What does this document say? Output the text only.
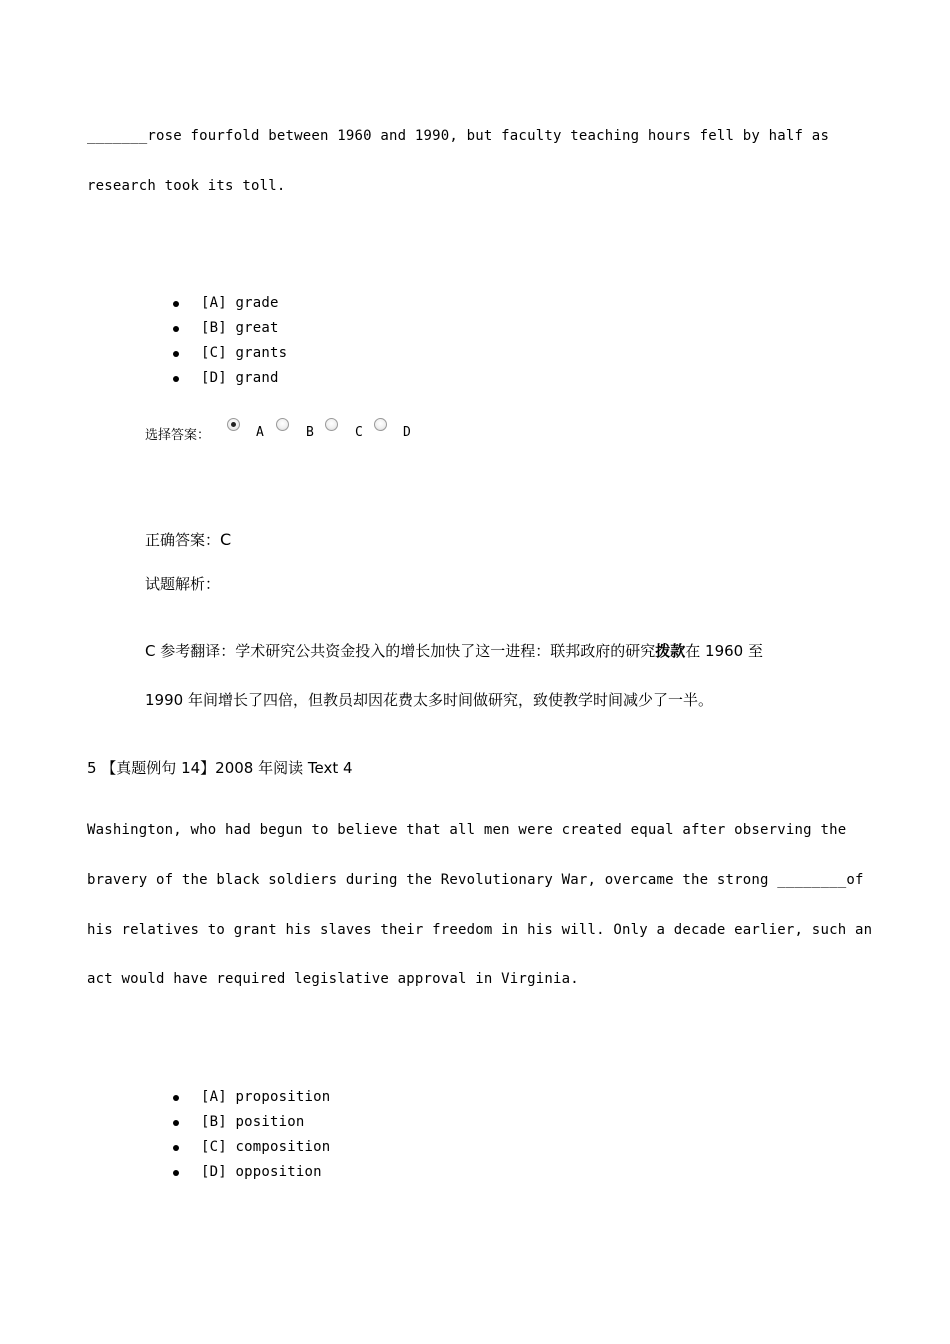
_______rose fourfold between 1960 and 1990, but faculty teaching hours fell by half as
research took its toll.
[A] grade
[B] great
[C] grants
[D] grand
选择答案：	A	B	C	D
正确答案：C
试题解析：
C 参考翻译：学术研究公共资金投入的增长加快了这一进程：联邦政府的研究拨款在 1960 至
1990 年间增长了四倍，但教员却因花费太多时间做研究，致使教学时间减少了一半。
5 【真题例句 14】2008 年阅读 Text 4
Washington, who had begun to believe that all men were created equal after observing the
bravery of the black soldiers during the Revolutionary War, overcame the strong ________of
his relatives to grant his slaves their freedom in his will. Only a decade earlier, such an
act would have required legislative approval in Virginia.
[A] proposition
[B] position
[C] composition
[D] opposition
